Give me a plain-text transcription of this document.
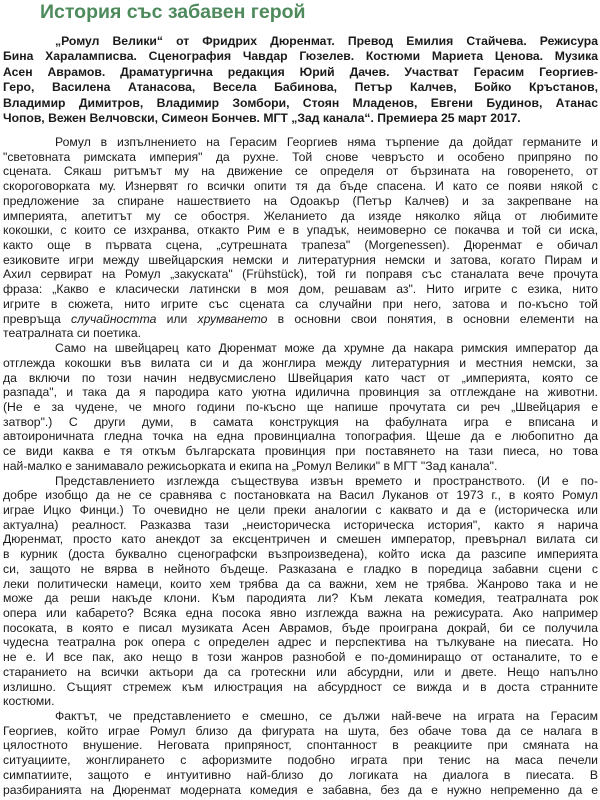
История със забавен герой
„Ромул Велики“ от Фридрих Дюренмат. Превод Емилия Стайчева. Режисура
Бина Хараламписва. Сценография Чавдар Гюзелев. Костюми Мариета Ценова. Музика
Асен Аврамов. Драматургична редакция Юрий Дачев. Участват Герасим Георгиев-
Геро, Василена Атанасова, Весела Бабинова, Петър Калчев, Бойко Кръстанов,
Владимир Димитров, Владимир Зомбори, Стоян Младенов, Евгени Будинов, Атанас
Чопов, Вежен Велчовски, Симеон Бончев. МГТ „Зад канала“. Премиера 25 март 2017.
Ромул в изпълнението на Герасим Георгиев няма търпение да дойдат германите и
"световната римската империя" да рухне. Той снове чевръсто и особено припряно по
сцената. Сякаш ритъмът му на движение се определя от бързината на говоренето, от
скороговорката му. Изнервят го всички опити тя да бъде спасена. И като се появи някой с
предложение за спиране нашествието на Одоакър (Петър Калчев) и за закрепване на
империята, апетитът му се обостря. Желанието да изяде няколко яйца от любимите
кокошки, с които се изхранва, откакто Рим е в упадък, неимоверно се покачва и той си иска,
както още в първата сцена, „сутрешната трапеза" (Morgenessen). Дюренмат е обичал
езиковите игри между швейцарския немски и литературния немски и затова, когато Пирам и
Ахил сервират на Ромул „закуската" (Frühstück), той ги поправя със станалата вече прочута
фраза: „Какво е класически латински в моя дом, решавам аз". Нито игрите с езика, нито
игрите в сюжета, нито игрите със сцената са случайни при него, затова и по-късно той
превръща случайността или хрумването в основни свои понятия, в основни елементи на
театралната си поетика.
Само на швейцарец като Дюренмат може да хрумне да накара римския император да
отглежда кокошки във вилата си и да жонглира между литературния и местния немски, за
да включи по този начин недвусмислено Швейцария като част от „империята, която се
разпада", и така да я пародира като уютна идилична провинция за отглеждане на животни.
(Не е за чудене, че много години по-късно ще напише прочутата си реч „Швейцария е
затвор".) С други думи, в самата конструкция на фабулната игра е вписана и
автоироничната гледна точка на една провинциална топография. Щеше да е любопитно да
се види каква е тя откъм българската провинция при поставянето на тази пиеса, но това
най-малко е занимавало режисьорката и екипа на „Ромул Велики" в МГТ "Зад канала".
Представлението изглежда съществува извън времето и пространството. (И е по-
добре изобщо да не се сравнява с постановката на Васил Луканов от 1973 г., в която Ромул
играе Ицко Финци.) То очевидно не цели преки аналогии с каквато и да е (историческа или
актуална) реалност. Разказва тази „неисторическа историческа история", както я нарича
Дюренмат, просто като анекдот за ексцентричен и смешен император, превърнал вилата си
в курник (доста буквално сценографски възпроизведена), който иска да разсипе империята
си, защото не вярва в нейното бъдеще. Разказана е гладко в поредица забавни сцени с
леки политически намеци, които хем трябва да са важни, хем не трябва. Жанрово така и не
може да реши накъде клони. Към пародията ли? Към леката комедия, театралната рок
опера или кабарето? Всяка една посока явно изглежда важна на режисурата. Ако например
посоката, в която е писал музиката Асен Аврамов, бъде проиграна докрай, би се получила
чудесна театрална рок опера с определен адрес и перспектива на тълкуване на пиесата. Но
не е. И все пак, ако нещо в този жанров разнобой е по-доминиращо от останалите, то е
старанието на всички актьори да са гротескни или абсурдни, или и двете. Нещо напълно
излишно. Същият стремеж към илюстрация на абсурдност се вижда и в доста странните
костюми.
Фактът, че представлението е смешно, се дължи най-вече на играта на Герасим
Георгиев, който играе Ромул близо да фигурата на шута, без обаче това да се налага в
цялостното внушение. Неговата припряност, спонтанност в реакциите при смяната на
ситуациите, жонглирането с афоризмите подобно играта при тенис на маса печели
симпатиите, защото е интуитивно най-близо до логиката на диалога в пиесата. В
разбиранията на Дюренмат модерната комедия е забавна, без да е нужно непременно да е
